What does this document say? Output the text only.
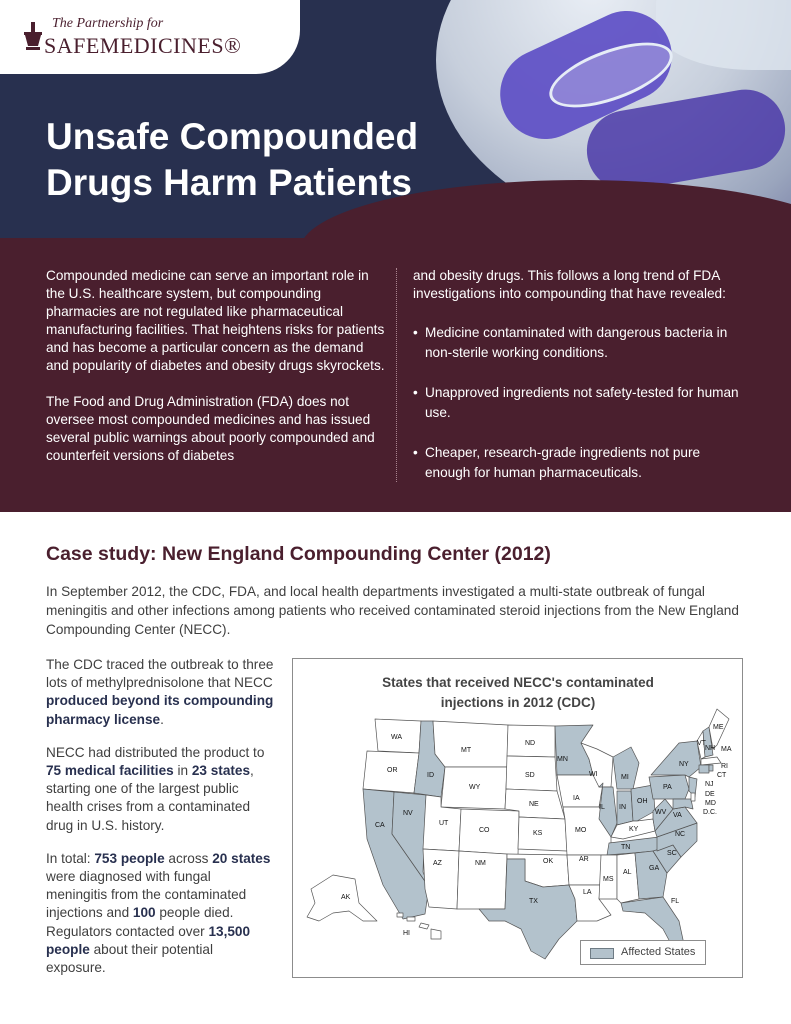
The Partnership for
SAFEMEDICINES®
Unsafe Compounded
Drugs Harm Patients

Compounded medicine can serve an important role in the U.S. healthcare system, but compounding pharmacies are not regulated like pharmaceutical manufacturing facilities. That heightens risks for patients and has become a particular concern as the demand and popularity of diabetes and obesity drugs skyrockets.

The Food and Drug Administration (FDA) does not oversee most compounded medicines and has issued several public warnings about poorly compounded and counterfeit versions of diabetes

and obesity drugs. This follows a long trend of FDA investigations into compounding that have revealed:

• Medicine contaminated with dangerous bacteria in non-sterile working conditions.
• Unapproved ingredients not safety-tested for human use.
• Cheaper, research-grade ingredients not pure enough for human pharmaceuticals.
Case study: New England Compounding Center (2012)

In September 2012, the CDC, FDA, and local health departments investigated a multi-state outbreak of fungal meningitis and other infections among patients who received contaminated steroid injections from the New England Compounding Center (NECC).

The CDC traced the outbreak to three lots of methylprednisolone that NECC produced beyond its compounding pharmacy license.

NECC had distributed the product to 75 medical facilities in 23 states, starting one of the largest public health crises from a contaminated drug in U.S. history.

In total: 753 people across 20 states were diagnosed with fungal meningitis from the contaminated injections and 100 people died. Regulators contacted over 13,500 people about their potential exposure.

States that received NECC's contaminated
injections in 2012 (CDC)
WA
OR
CA
NV
ID
MT
WY
UT
CO
AZ	NM
ND
SD
NE
KS
OK
TX
MN
IA
MO
AR
LA
WI
IL
MI
IN
OH
KY
TN
MS
AL
GA
FL
SC
NC
VA
WV
PA
NY
VT
NH
ME
MA
RI
CT
NJ
DE
MD
D.C.
AK
HI
Affected States
